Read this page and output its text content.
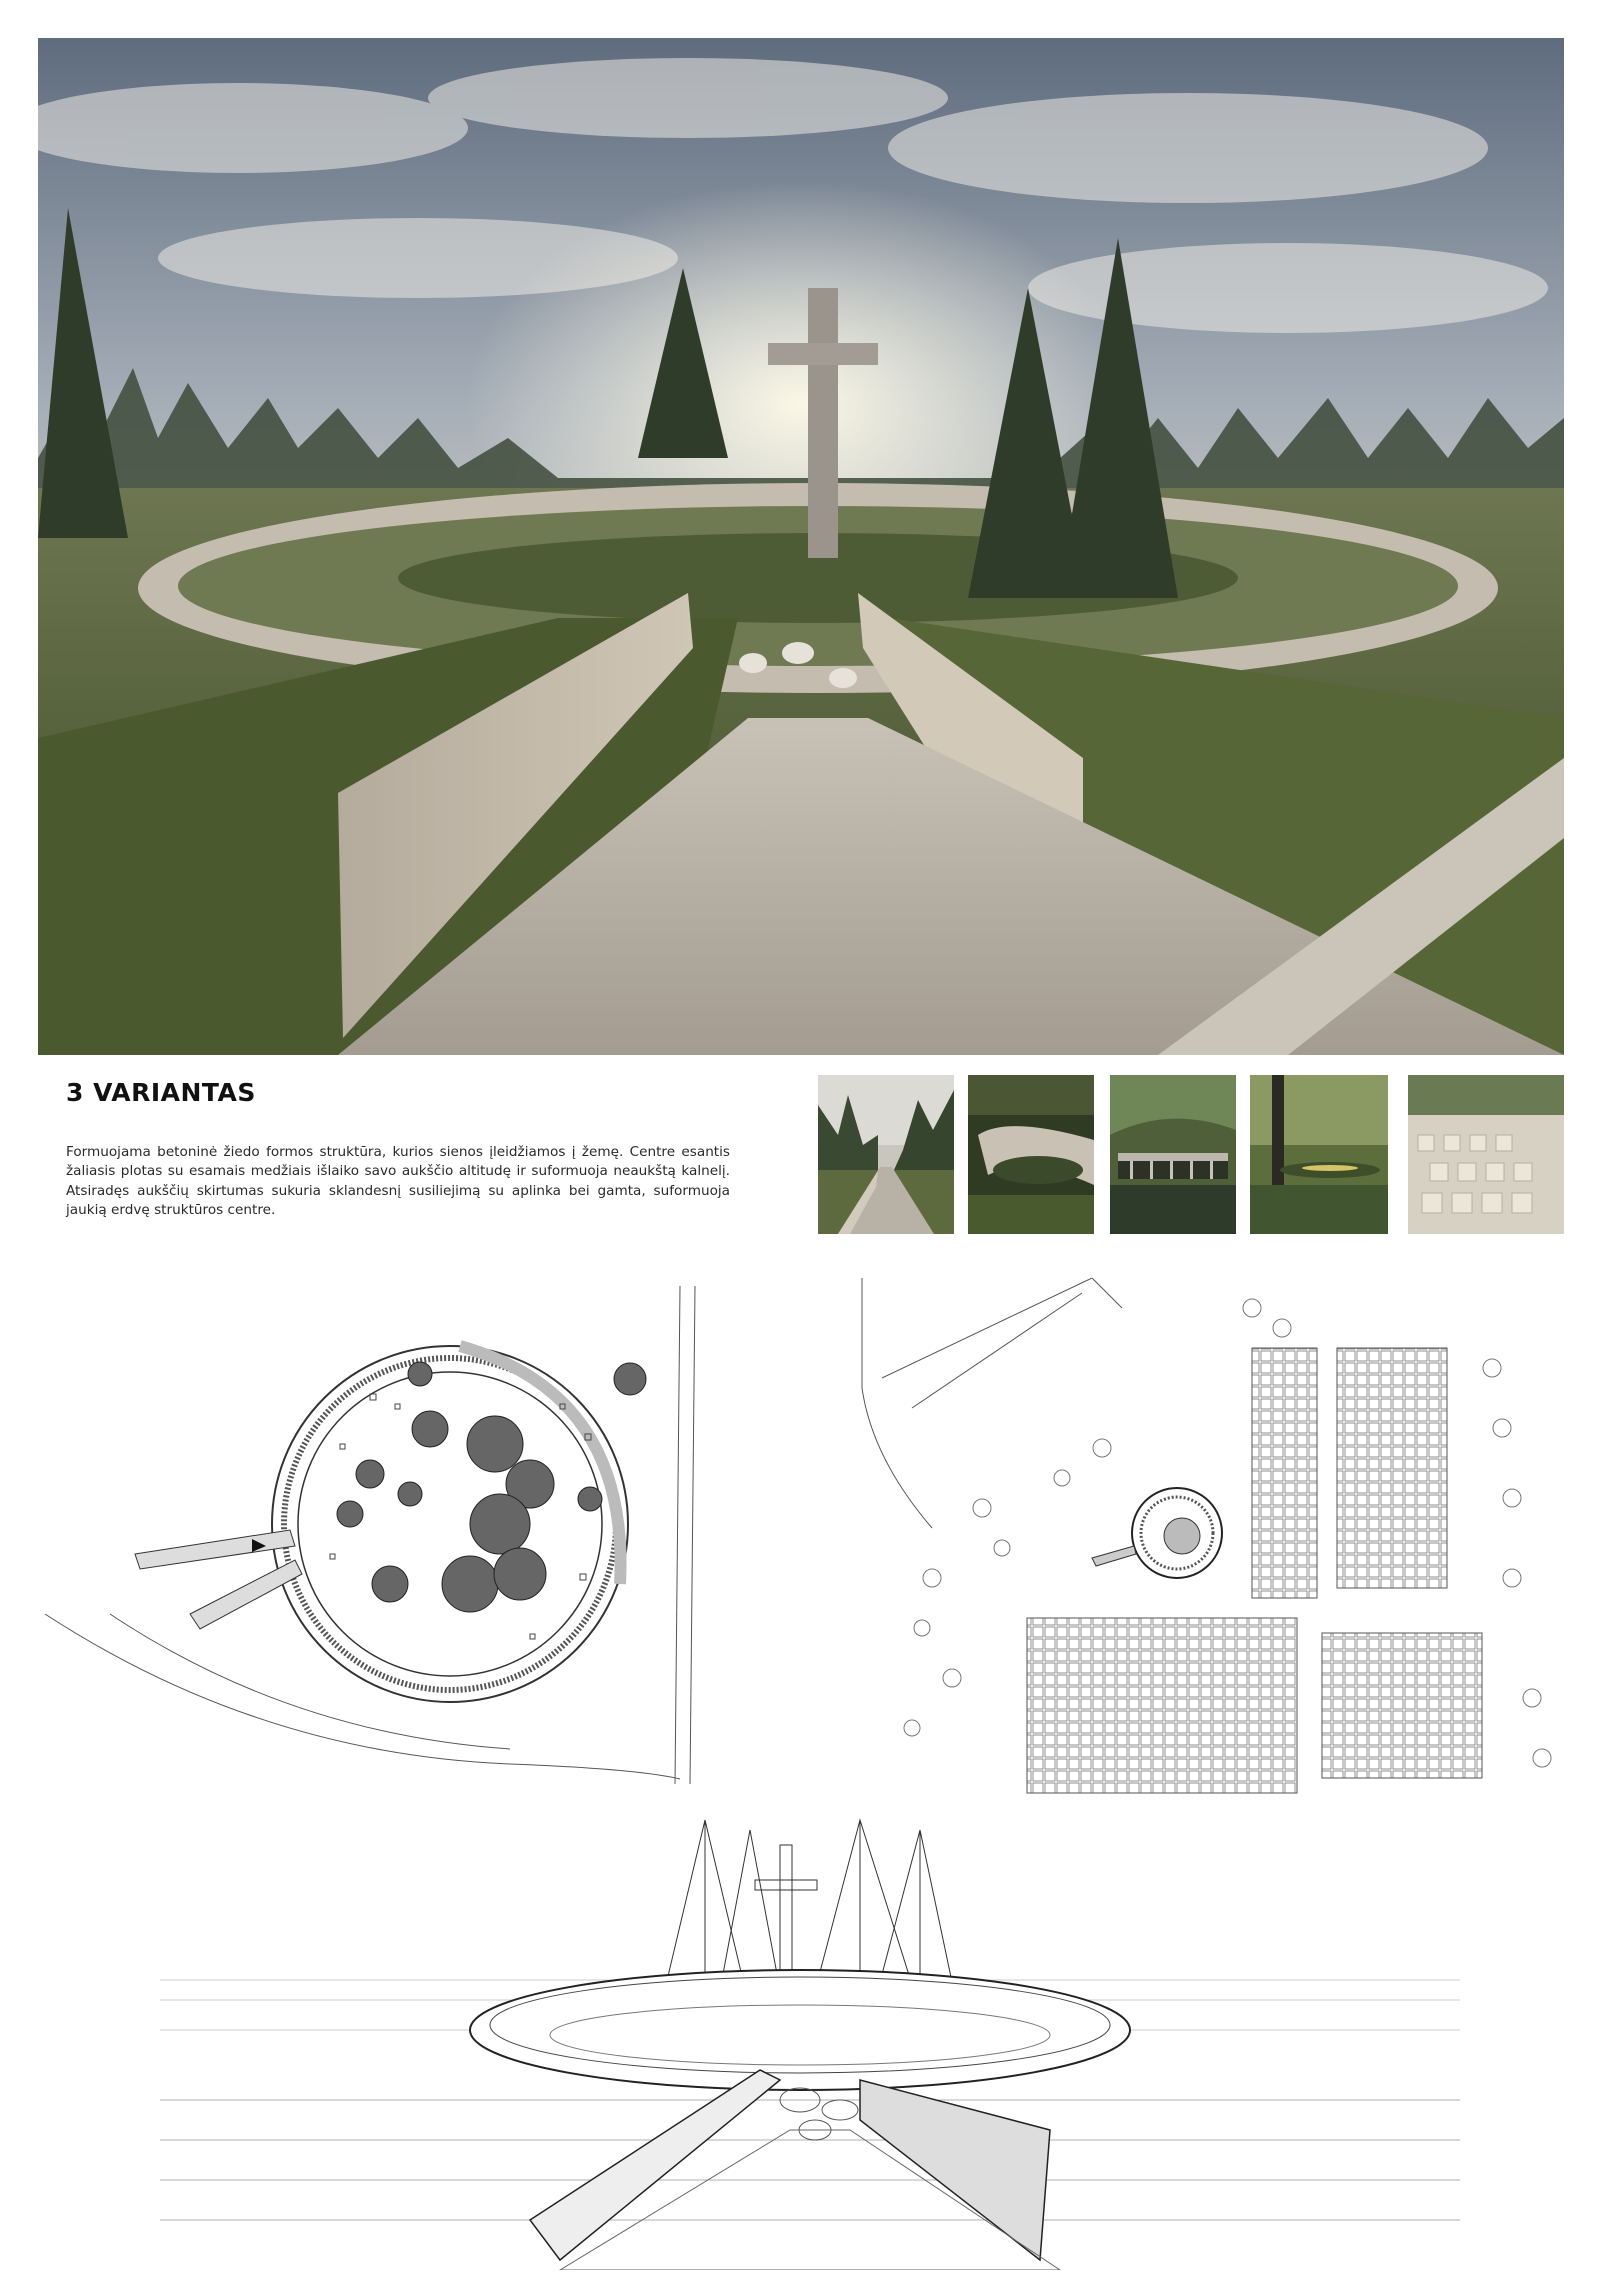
3 VARIANTAS

Formuojama betoninė žiedo formos struktūra, kurios sienos įleidžiamos į žemę. Centre esantis žaliasis plotas su esamais medžiais išlaiko savo aukščio altitudę ir suformuoja neaukštą kalnelį. Atsiradęs aukščių skirtumas sukuria sklandesnį susiliejimą su aplinka bei gamta, suformuoja jaukią erdvę struktūros centre.
